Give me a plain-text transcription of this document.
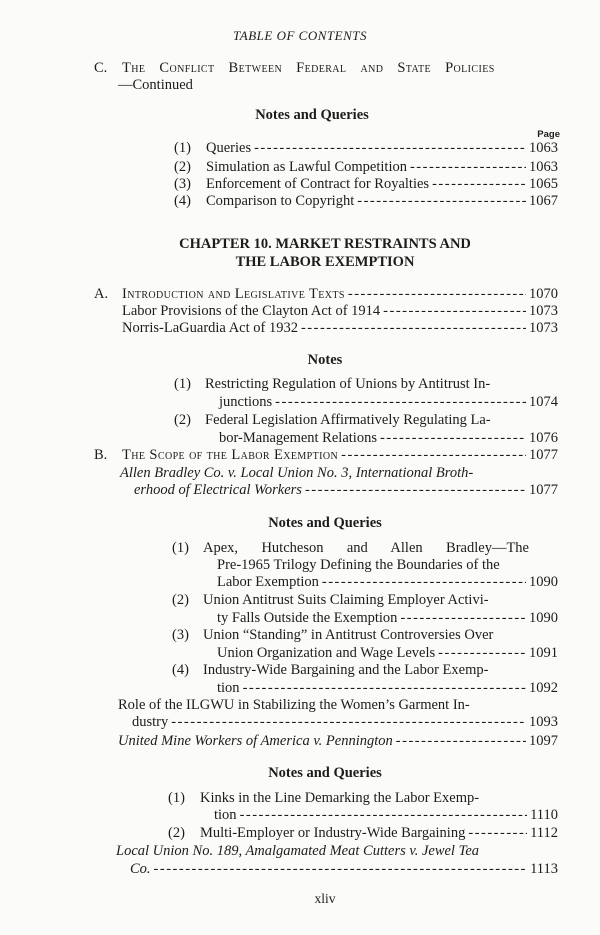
TABLE OF CONTENTS
C. The Conflict Between Federal and State Policies
—Continued
Notes and Queries
Page
(1) Queries -----	1063
(2) Simulation as Lawful Competition -----	1063
(3) Enforcement of Contract for Royalties -----	1065
(4) Comparison to Copyright -----	1067
CHAPTER 10. MARKET RESTRAINTS AND
THE LABOR EXEMPTION
A. Introduction and Legislative Texts -----	1070
Labor Provisions of the Clayton Act of 1914 -----	1073
Norris-LaGuardia Act of 1932 -----	1073
Notes
(1) Restricting Regulation of Unions by Antitrust In-
junctions -----	1074
(2) Federal Legislation Affirmatively Regulating La-
bor-Management Relations -----	1076
B. The Scope of the Labor Exemption -----	1077
Allen Bradley Co. v. Local Union No. 3, International Broth-
erhood of Electrical Workers -----	1077
Notes and Queries
(1) Apex, Hutcheson and Allen Bradley—The
Pre-1965 Trilogy Defining the Boundaries of the
Labor Exemption -----	1090
(2) Union Antitrust Suits Claiming Employer Activi-
ty Falls Outside the Exemption -----	1090
(3) Union “Standing” in Antitrust Controversies Over
Union Organization and Wage Levels -----	1091
(4) Industry-Wide Bargaining and the Labor Exemp-
tion -----	1092
Role of the ILGWU in Stabilizing the Women’s Garment In-
dustry -----	1093
United Mine Workers of America v. Pennington -----	1097
Notes and Queries
(1) Kinks in the Line Demarking the Labor Exemp-
tion -----	1110
(2) Multi-Employer or Industry-Wide Bargaining -----	1112
Local Union No. 189, Amalgamated Meat Cutters v. Jewel Tea
Co. -----	1113
xliv
